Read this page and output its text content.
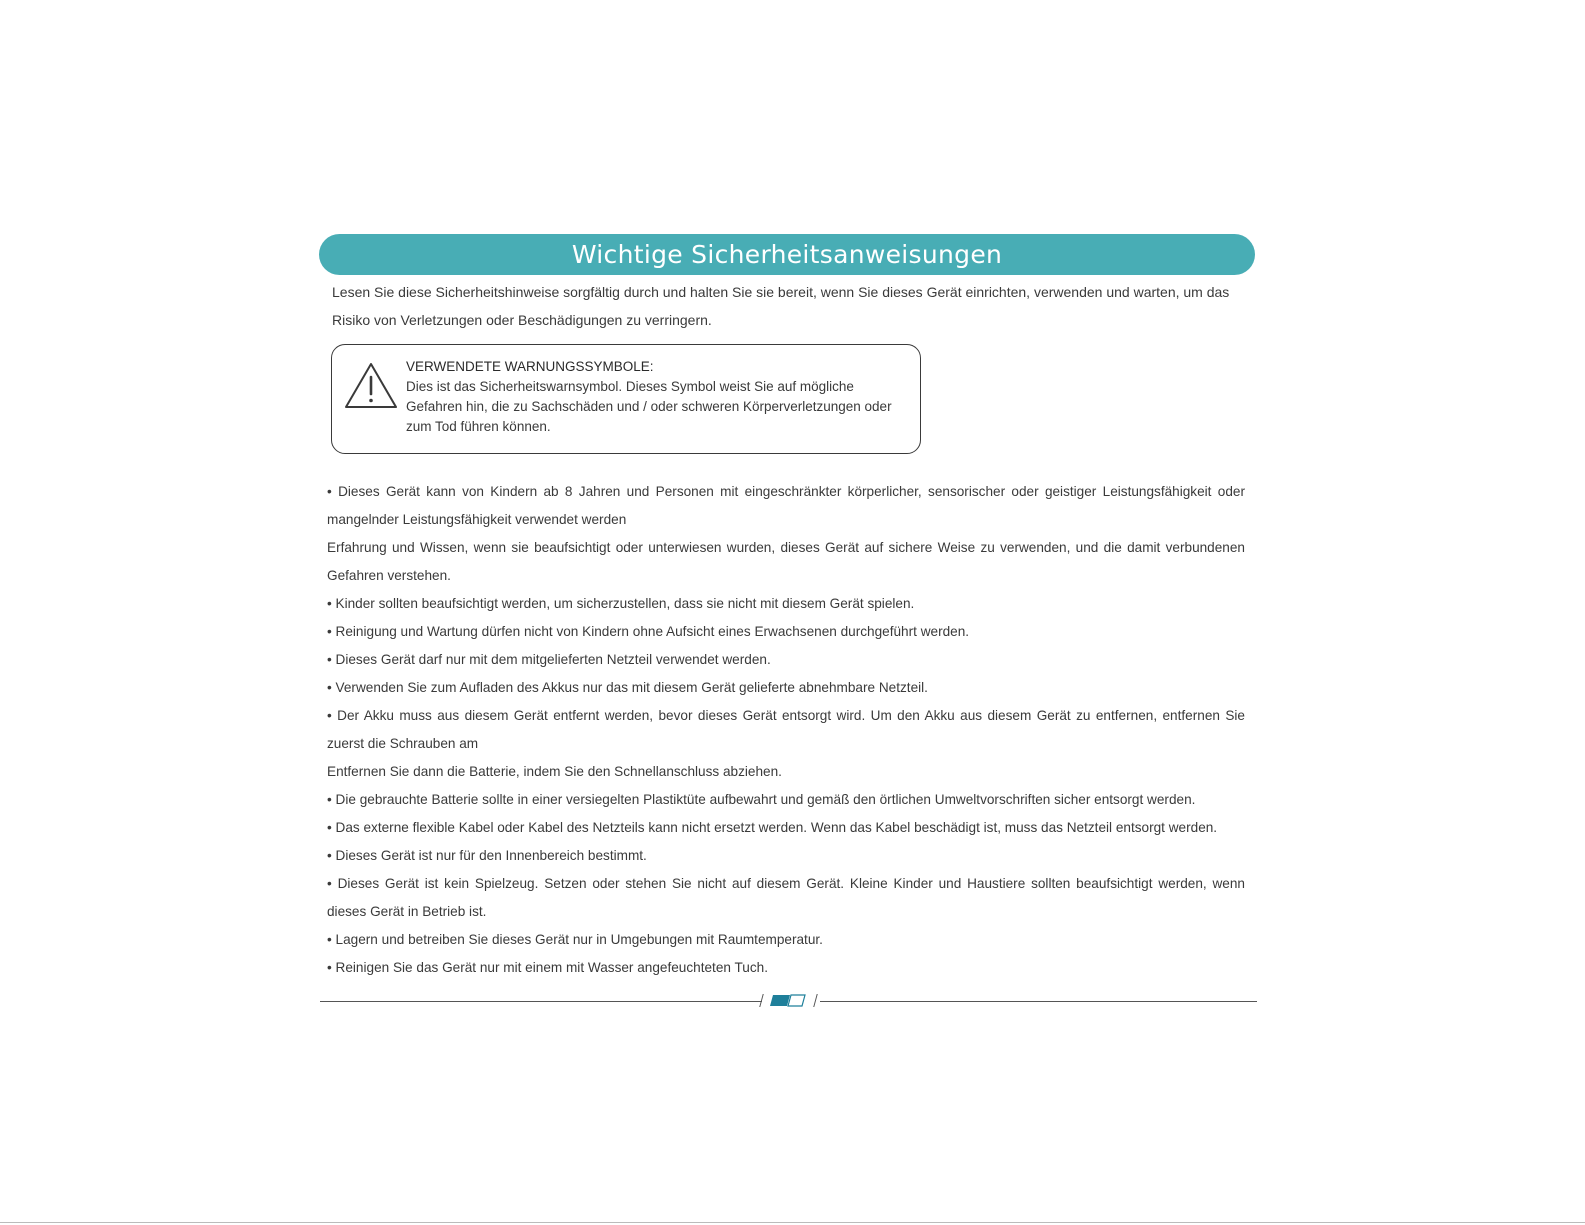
Wichtige Sicherheitsanweisungen
Lesen Sie diese Sicherheitshinweise sorgfältig durch und halten Sie sie bereit, wenn Sie dieses Gerät einrichten, verwenden und warten, um das Risiko von Verletzungen oder Beschädigungen zu verringern.
VERWENDETE WARNUNGSSYMBOLE:
Dies ist das Sicherheitswarnsymbol. Dieses Symbol weist Sie auf mögliche Gefahren hin, die zu Sachschäden und / oder schweren Körperverletzungen oder zum Tod führen können.

• Dieses Gerät kann von Kindern ab 8 Jahren und Personen mit eingeschränkter körperlicher, sensorischer oder geistiger Leistungsfähigkeit oder mangelnder Leistungsfähigkeit verwendet werden

Erfahrung und Wissen, wenn sie beaufsichtigt oder unterwiesen wurden, dieses Gerät auf sichere Weise zu verwenden, und die damit verbundenen Gefahren verstehen.

• Kinder sollten beaufsichtigt werden, um sicherzustellen, dass sie nicht mit diesem Gerät spielen.

• Reinigung und Wartung dürfen nicht von Kindern ohne Aufsicht eines Erwachsenen durchgeführt werden.

• Dieses Gerät darf nur mit dem mitgelieferten Netzteil verwendet werden.

• Verwenden Sie zum Aufladen des Akkus nur das mit diesem Gerät gelieferte abnehmbare Netzteil.

• Der Akku muss aus diesem Gerät entfernt werden, bevor dieses Gerät entsorgt wird. Um den Akku aus diesem Gerät zu entfernen, entfernen Sie zuerst die Schrauben am

Entfernen Sie dann die Batterie, indem Sie den Schnellanschluss abziehen.

• Die gebrauchte Batterie sollte in einer versiegelten Plastiktüte aufbewahrt und gemäß den örtlichen Umweltvorschriften sicher entsorgt werden.

• Das externe flexible Kabel oder Kabel des Netzteils kann nicht ersetzt werden. Wenn das Kabel beschädigt ist, muss das Netzteil entsorgt werden.

• Dieses Gerät ist nur für den Innenbereich bestimmt.

• Dieses Gerät ist kein Spielzeug. Setzen oder stehen Sie nicht auf diesem Gerät. Kleine Kinder und Haustiere sollten beaufsichtigt werden, wenn dieses Gerät in Betrieb ist.

• Lagern und betreiben Sie dieses Gerät nur in Umgebungen mit Raumtemperatur.

• Reinigen Sie das Gerät nur mit einem mit Wasser angefeuchteten Tuch.
